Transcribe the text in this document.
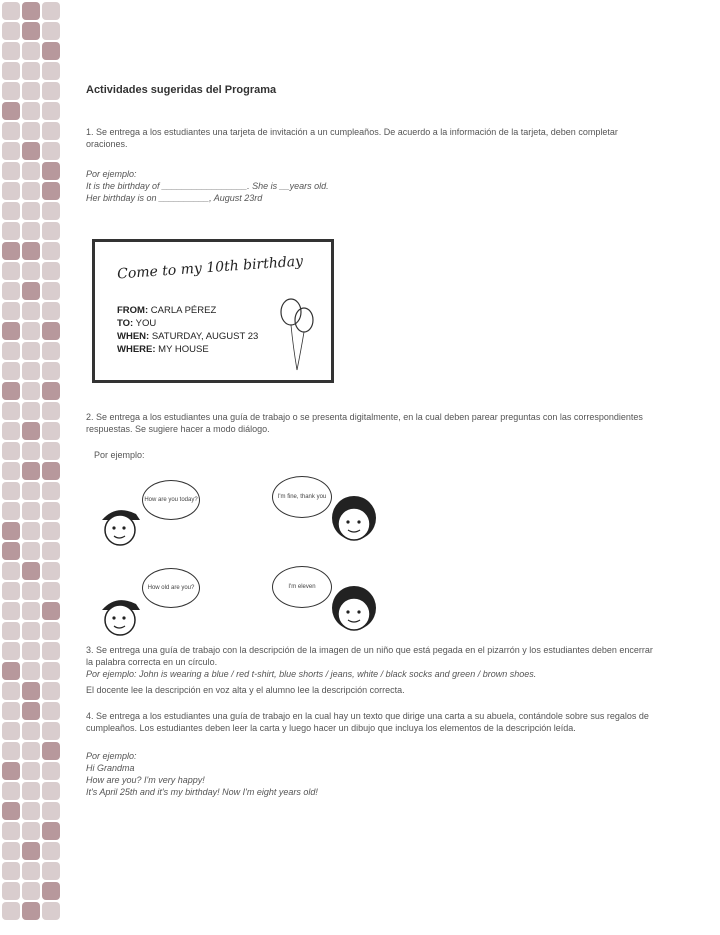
Actividades sugeridas del Programa

1. Se entrega a los estudiantes una tarjeta de invitación a un cumpleaños. De acuerdo a la información de la tarjeta, deben completar oraciones.

Por ejemplo:

It is the birthday of _________________. She is __years old.

Her birthday is on __________, August 23rd

Come to my 10th birthday
FROM: CARLA PÉREZ
TO: YOU
WHEN: SATURDAY, AUGUST 23
WHERE: MY HOUSE

2. Se entrega a los estudiantes una guía de trabajo o se presenta digitalmente, en la cual deben parear preguntas con las correspondientes respuestas. Se sugiere hacer a modo diálogo.

Por ejemplo:

How are you today?	I'm fine, thank you
How old are you?	I'm eleven

3. Se entrega una guía de trabajo con la descripción de la imagen de un niño que está pegada en el pizarrón y los estudiantes deben encerrar la palabra correcta en un círculo.

Por ejemplo: John is wearing a blue / red t-shirt, blue shorts / jeans, white / black socks and green / brown shoes.

El docente lee la descripción en voz alta y el alumno lee la descripción correcta.

4. Se entrega a los estudiantes una guía de trabajo en la cual hay un texto que dirige una carta a su abuela, contándole sobre sus regalos de cumpleaños. Los estudiantes deben leer la carta y luego hacer un dibujo que incluya los elementos de la descripción leída.

Por ejemplo:

Hi Grandma

How are you? I'm very happy!

It's April 25th and it's my birthday! Now I'm eight years old!
